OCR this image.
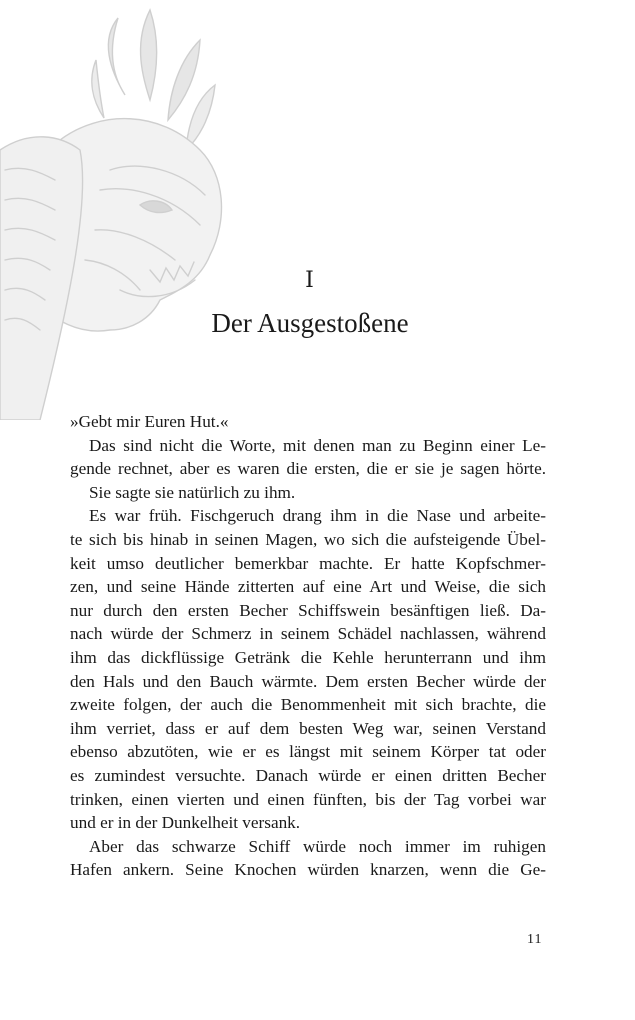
I
Der Ausgestoßene
»Gebt mir Euren Hut.«
Das sind nicht die Worte, mit denen man zu Beginn einer Le-
gende rechnet, aber es waren die ersten, die er sie je sagen hörte.
Sie sagte sie natürlich zu ihm.
Es war früh. Fischgeruch drang ihm in die Nase und arbeite-
te sich bis hinab in seinen Magen, wo sich die aufsteigende Übel-
keit umso deutlicher bemerkbar machte. Er hatte Kopfschmer-
zen, und seine Hände zitterten auf eine Art und Weise, die sich
nur durch den ersten Becher Schiffswein besänftigen ließ. Da-
nach würde der Schmerz in seinem Schädel nachlassen, während
ihm das dickflüssige Getränk die Kehle herunterrann und ihm
den Hals und den Bauch wärmte. Dem ersten Becher würde der
zweite folgen, der auch die Benommenheit mit sich brachte, die
ihm verriet, dass er auf dem besten Weg war, seinen Verstand
ebenso abzutöten, wie er es längst mit seinem Körper tat oder
es zumindest versuchte. Danach würde er einen dritten Becher
trinken, einen vierten und einen fünften, bis der Tag vorbei war
und er in der Dunkelheit versank.
Aber das schwarze Schiff würde noch immer im ruhigen
Hafen ankern. Seine Knochen würden knarzen, wenn die Ge-
11
